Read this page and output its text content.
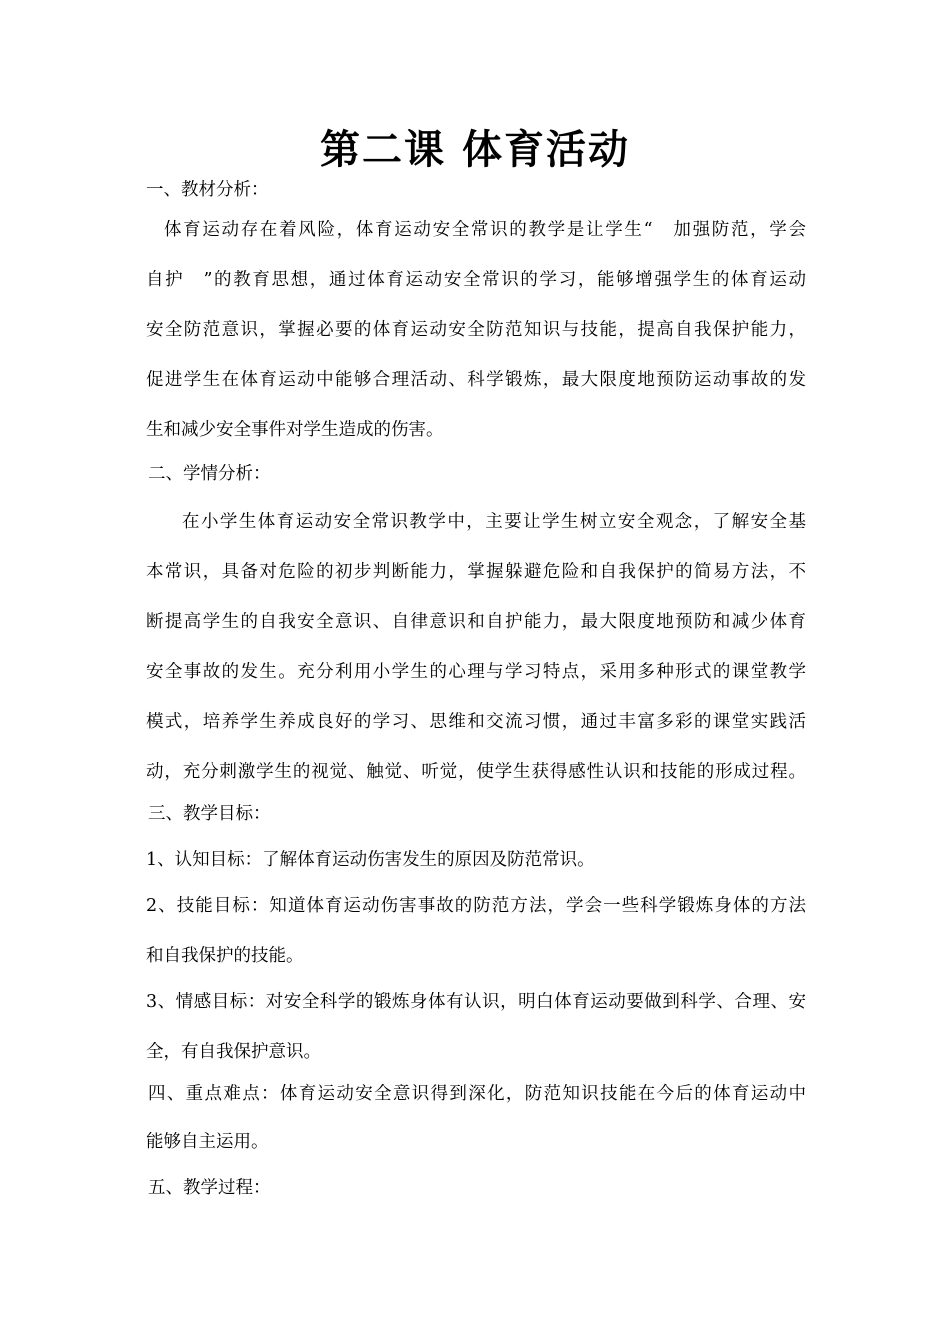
第二课 体育活动
一、教材分析：
体育运动存在着风险，体育运动安全常识的教学是让学生“　加强防范，学会
自护　”的教育思想，通过体育运动安全常识的学习，能够增强学生的体育运动
安全防范意识，掌握必要的体育运动安全防范知识与技能，提高自我保护能力，
促进学生在体育运动中能够合理活动、科学锻炼，最大限度地预防运动事故的发
生和减少安全事件对学生造成的伤害。
二、学情分析：
在小学生体育运动安全常识教学中，主要让学生树立安全观念，了解安全基
本常识，具备对危险的初步判断能力，掌握躲避危险和自我保护的简易方法，不
断提高学生的自我安全意识、自律意识和自护能力，最大限度地预防和减少体育
安全事故的发生。充分利用小学生的心理与学习特点，采用多种形式的课堂教学
模式，培养学生养成良好的学习、思维和交流习惯，通过丰富多彩的课堂实践活
动，充分刺激学生的视觉、触觉、听觉，使学生获得感性认识和技能的形成过程。
三、教学目标：
1、认知目标：了解体育运动伤害发生的原因及防范常识。
2、技能目标：知道体育运动伤害事故的防范方法，学会一些科学锻炼身体的方法
和自我保护的技能。
3、情感目标：对安全科学的锻炼身体有认识，明白体育运动要做到科学、合理、安
全，有自我保护意识。
四、重点难点：体育运动安全意识得到深化，防范知识技能在今后的体育运动中
能够自主运用。
五、教学过程：
